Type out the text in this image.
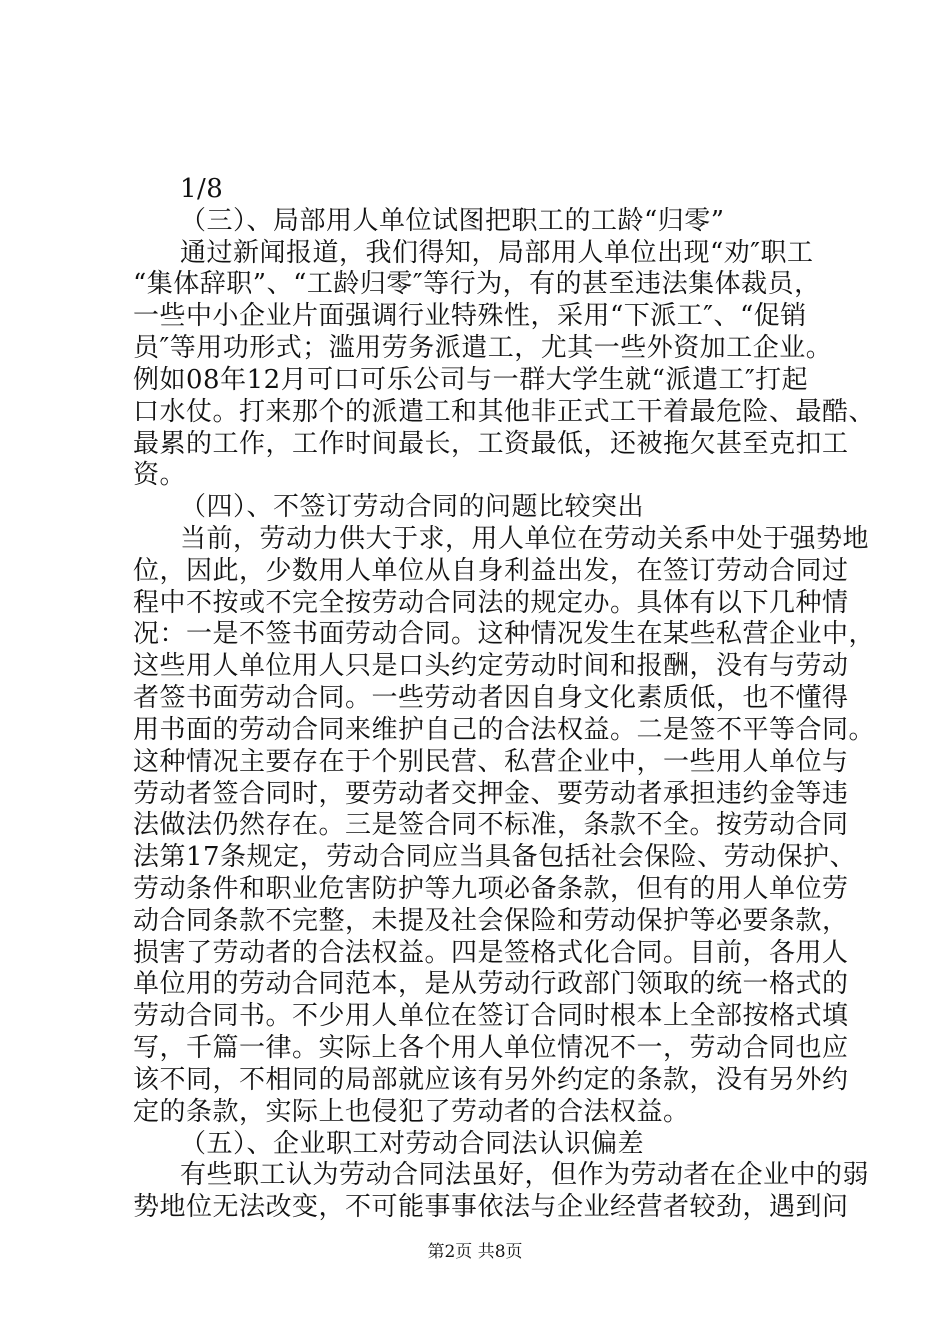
1/8
（三）、局部用人单位试图把职工的工龄“归零”
通过新闻报道，我们得知，局部用人单位出现“劝″职工
“集体辞职”、“工龄归零″等行为，有的甚至违法集体裁员，
一些中小企业片面强调行业特殊性，采用“下派工″、“促销
员″等用功形式；滥用劳务派遣工，尤其一些外资加工企业。
例如08年12月可口可乐公司与一群大学生就“派遣工″打起
口水仗。打来那个的派遣工和其他非正式工干着最危险、最酷、
最累的工作，工作时间最长，工资最低，还被拖欠甚至克扣工
资。
（四）、不签订劳动合同的问题比较突出
当前，劳动力供大于求，用人单位在劳动关系中处于强势地
位，因此，少数用人单位从自身利益出发，在签订劳动合同过
程中不按或不完全按劳动合同法的规定办。具体有以下几种情
况：一是不签书面劳动合同。这种情况发生在某些私营企业中，
这些用人单位用人只是口头约定劳动时间和报酬，没有与劳动
者签书面劳动合同。一些劳动者因自身文化素质低，也不懂得
用书面的劳动合同来维护自己的合法权益。二是签不平等合同。
这种情况主要存在于个别民营、私营企业中，一些用人单位与
劳动者签合同时，要劳动者交押金、要劳动者承担违约金等违
法做法仍然存在。三是签合同不标准，条款不全。按劳动合同
法第17条规定，劳动合同应当具备包括社会保险、劳动保护、
劳动条件和职业危害防护等九项必备条款，但有的用人单位劳
动合同条款不完整，未提及社会保险和劳动保护等必要条款，
损害了劳动者的合法权益。四是签格式化合同。目前，各用人
单位用的劳动合同范本，是从劳动行政部门领取的统一格式的
劳动合同书。不少用人单位在签订合同时根本上全部按格式填
写，千篇一律。实际上各个用人单位情况不一，劳动合同也应
该不同，不相同的局部就应该有另外约定的条款，没有另外约
定的条款，实际上也侵犯了劳动者的合法权益。
（五）、企业职工对劳动合同法认识偏差
有些职工认为劳动合同法虽好，但作为劳动者在企业中的弱
势地位无法改变，不可能事事依法与企业经营者较劲，遇到问
第2页 共8页
